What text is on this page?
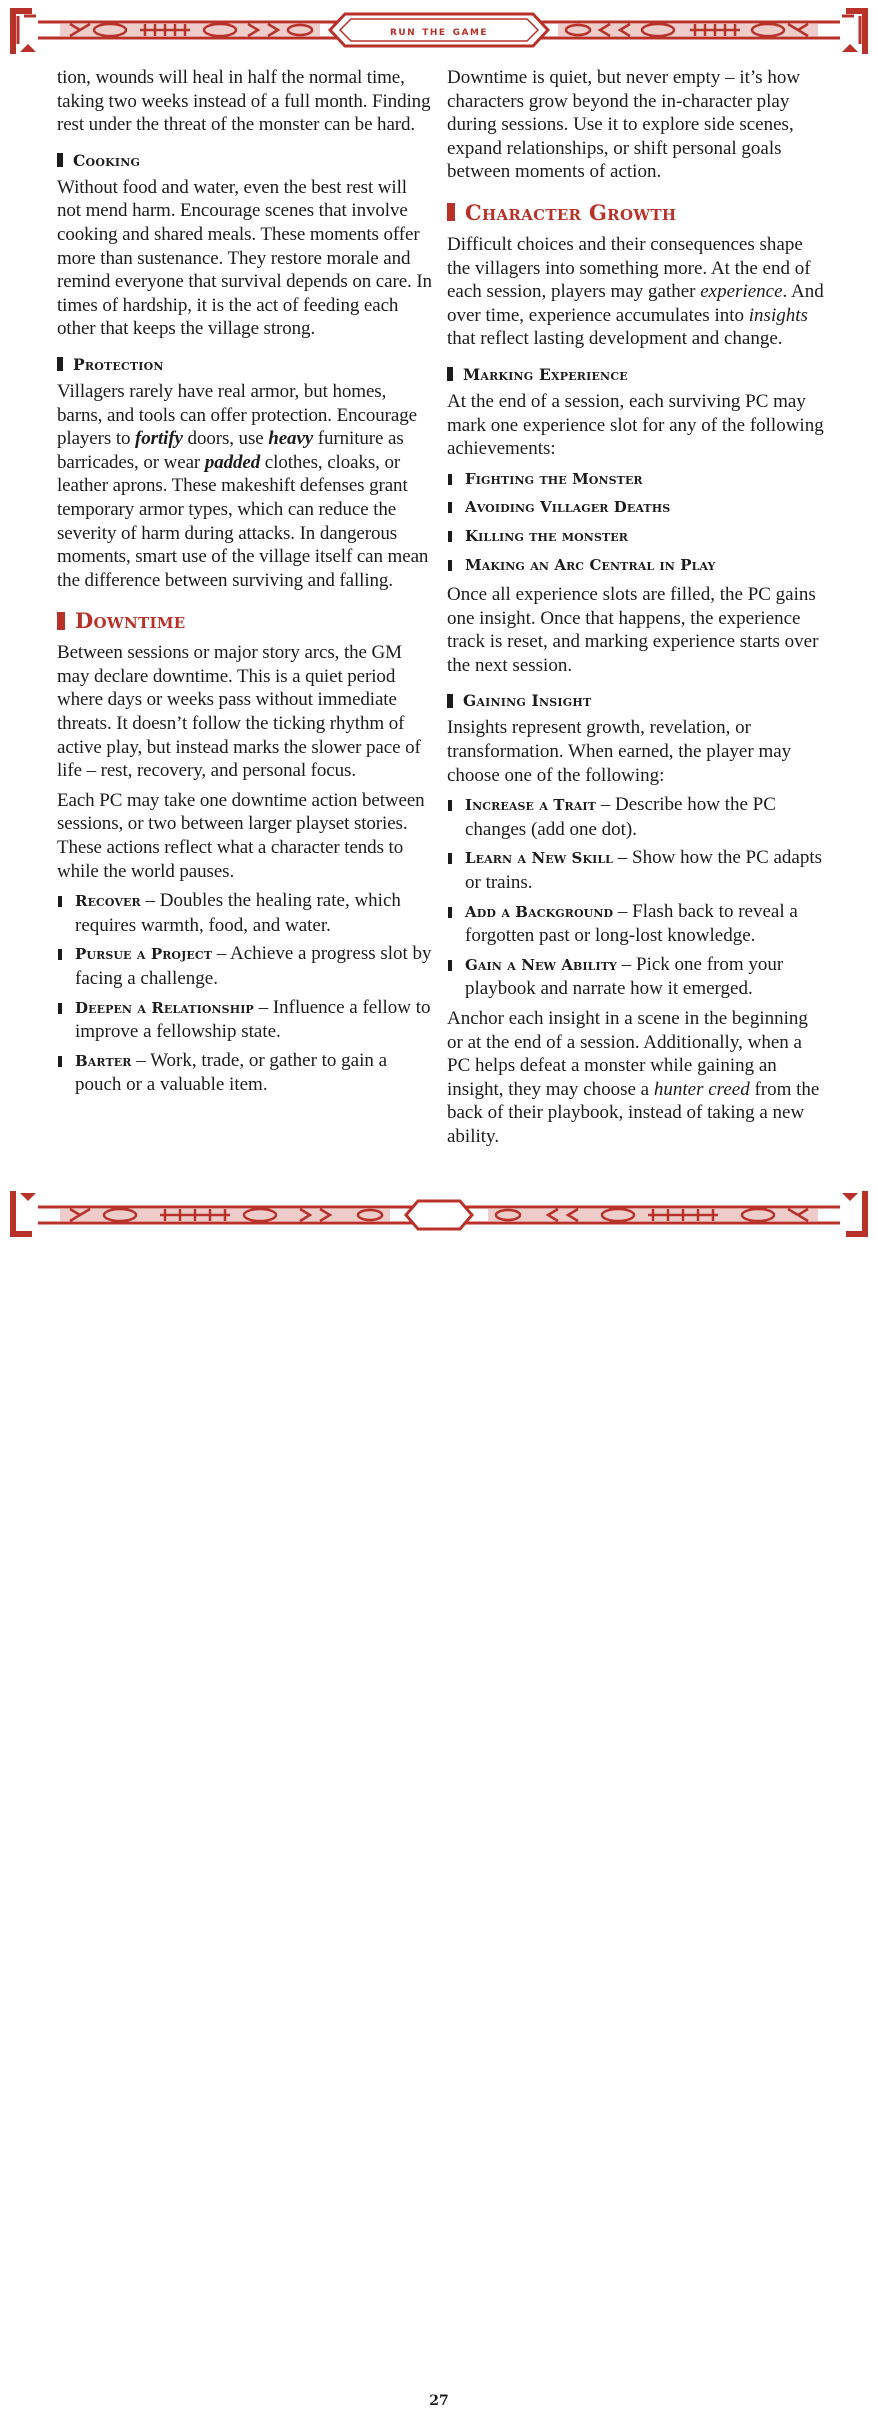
run the game

tion, wounds will heal in half the normal time, taking two weeks instead of a full month. Finding rest under the threat of the monster can be hard.

Cooking

Without food and water, even the best rest will not mend harm. Encourage scenes that involve cooking and shared meals. These moments offer more than sustenance. They restore morale and remind everyone that survival depends on care. In times of hardship, it is the act of feeding each other that keeps the village strong.

Protection

Villagers rarely have real armor, but homes, barns, and tools can offer protection. Encourage players to fortify doors, use heavy furniture as barricades, or wear padded clothes, cloaks, or leather aprons. These makeshift defenses grant temporary armor types, which can reduce the severity of harm during attacks. In dangerous moments, smart use of the village itself can mean the difference between surviving and falling.

Downtime

Between sessions or major story arcs, the GM may declare downtime. This is a quiet period where days or weeks pass without immediate threats. It doesn’t follow the ticking rhythm of active play, but instead marks the slower pace of life – rest, recovery, and personal focus.

Each PC may take one downtime action between sessions, or two between larger playset stories. These actions reflect what a character tends to while the world pauses.

Recover – Doubles the healing rate, which requires warmth, food, and water.
Pursue a Project – Achieve a progress slot by facing a challenge.
Deepen a Relationship – Influence a fellow to improve a fellowship state.
Barter – Work, trade, or gather to gain a pouch or a valuable item.

Downtime is quiet, but never empty – it’s how characters grow beyond the in-character play during sessions. Use it to explore side scenes, expand relationships, or shift personal goals between moments of action.

Character Growth

Difficult choices and their consequences shape the villagers into something more. At the end of each session, players may gather experience. And over time, experience accumulates into insights that reflect lasting development and change.

Marking Experience

At the end of a session, each surviving PC may mark one experience slot for any of the following achievements:

Fighting the Monster
Avoiding Villager Deaths
Killing the monster
Making an Arc Central in Play

Once all experience slots are filled, the PC gains one insight. Once that happens, the experience track is reset, and marking experience starts over the next session.

Gaining Insight

Insights represent growth, revelation, or transformation. When earned, the player may choose one of the following:

Increase a Trait – Describe how the PC changes (add one dot).
Learn a New Skill – Show how the PC adapts or trains.
Add a Background – Flash back to reveal a forgotten past or long-lost knowledge.
Gain a New Ability – Pick one from your playbook and narrate how it emerged.

Anchor each insight in a scene in the beginning or at the end of a session. Additionally, when a PC helps defeat a monster while gaining an insight, they may choose a hunter creed from the back of their playbook, instead of taking a new ability.

27
